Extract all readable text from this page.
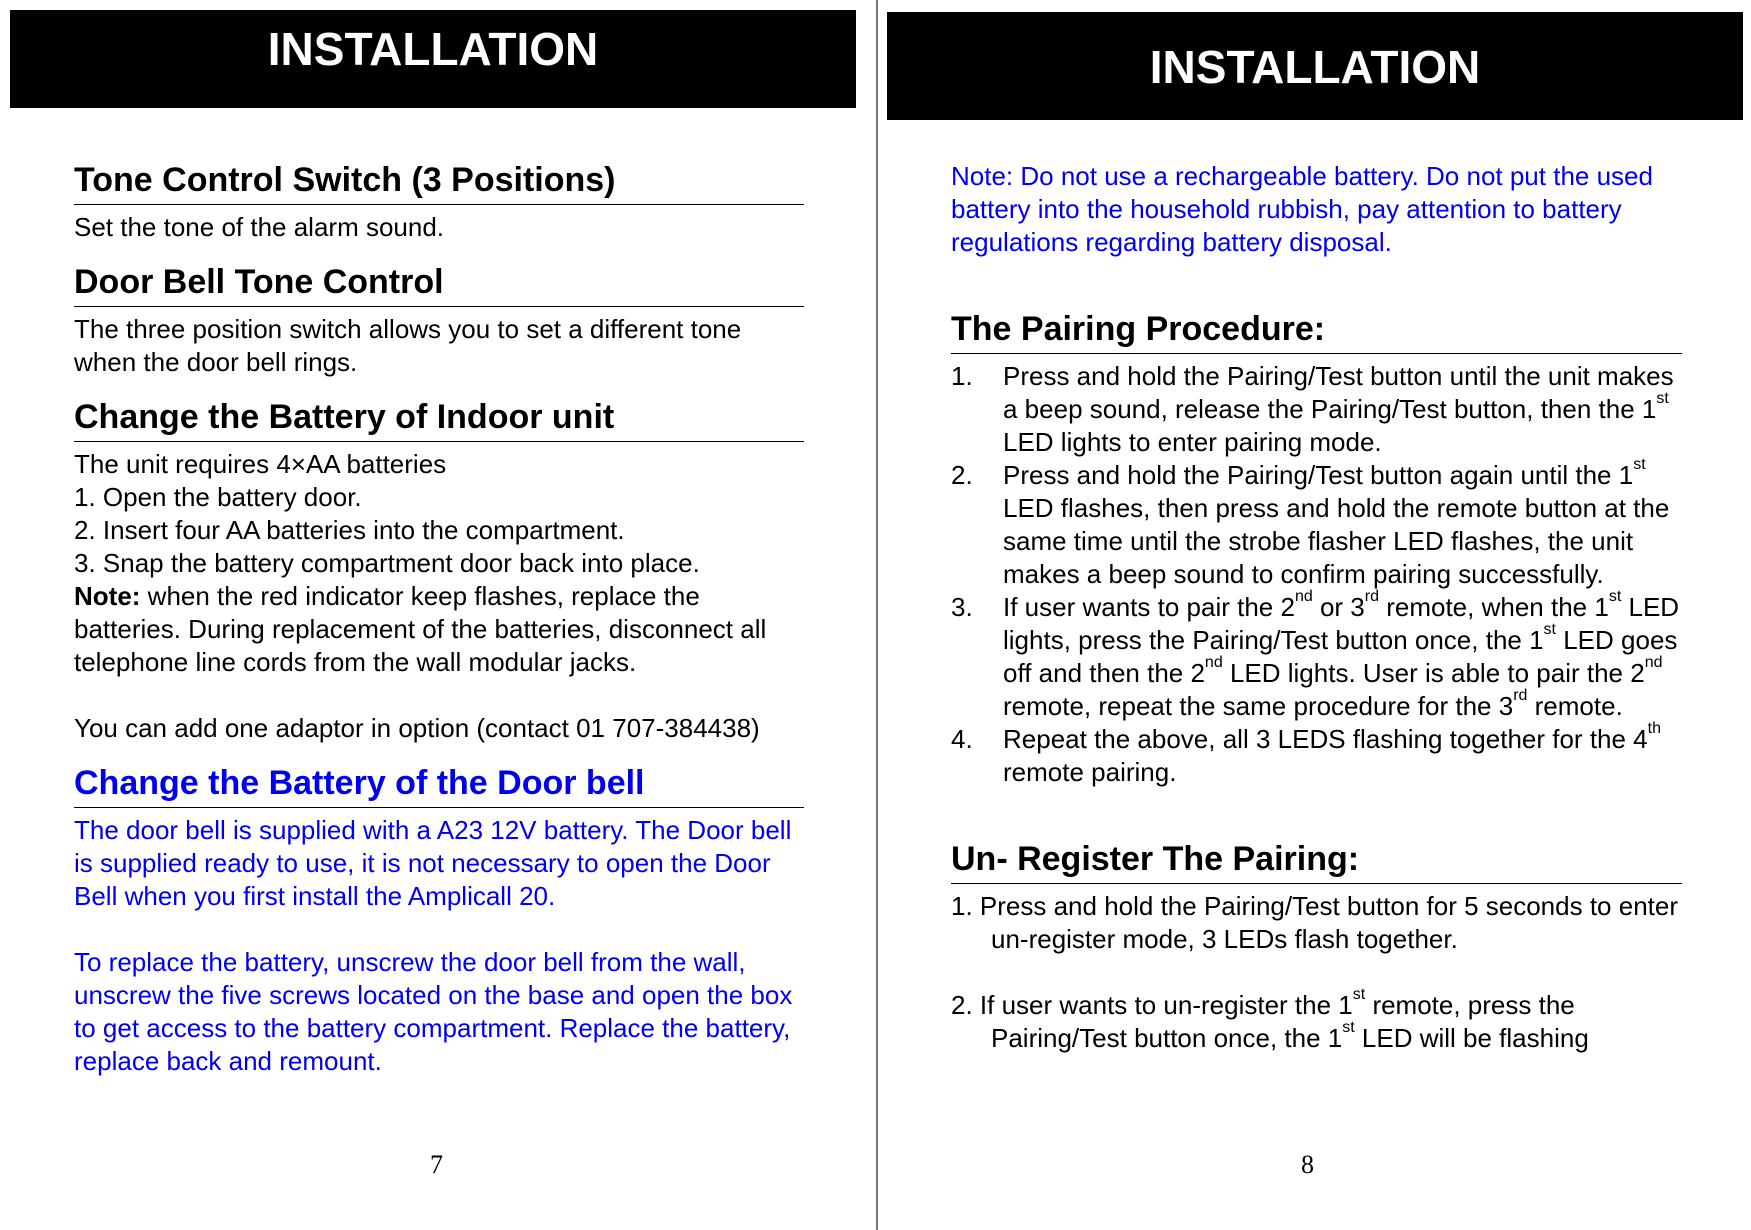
INSTALLATION
Tone Control Switch (3 Positions)
Set the tone of the alarm sound.
Door Bell Tone Control
The three position switch allows you to set a different tone when the door bell rings.
Change the Battery of Indoor unit
The unit requires 4×AA batteries
1. Open the battery door.
2. Insert four AA batteries into the compartment.
3. Snap the battery compartment door back into place.
Note: when the red indicator keep flashes, replace the batteries. During replacement of the batteries, disconnect all telephone line cords from the wall modular jacks.
You can add one adaptor in option (contact 01 707-384438)
Change the Battery of the Door bell
The door bell is supplied with a A23 12V battery. The Door bell is supplied ready to use, it is not necessary to open the Door Bell when you first install the Amplicall 20.
To replace the battery, unscrew the door bell from the wall, unscrew the five screws located on the base and open the box to get access to the battery compartment. Replace the battery, replace back and remount.
7
INSTALLATION
Note: Do not use a rechargeable battery. Do not put the used battery into the household rubbish, pay attention to battery regulations regarding battery disposal.
The Pairing Procedure:
1. Press and hold the Pairing/Test button until the unit makes a beep sound, release the Pairing/Test button, then the 1st LED lights to enter pairing mode.
2. Press and hold the Pairing/Test button again until the 1st LED flashes, then press and hold the remote button at the same time until the strobe flasher LED flashes, the unit makes a beep sound to confirm pairing successfully.
3. If user wants to pair the 2nd or 3rd remote, when the 1st LED lights, press the Pairing/Test button once, the 1st LED goes off and then the 2nd LED lights. User is able to pair the 2nd remote, repeat the same procedure for the 3rd remote.
4. Repeat the above, all 3 LEDS flashing together for the 4th remote pairing.
Un- Register The Pairing:
1. Press and hold the Pairing/Test button for 5 seconds to enter un-register mode, 3 LEDs flash together.
2. If user wants to un-register the 1st remote, press the Pairing/Test button once, the 1st LED will be flashing
8
